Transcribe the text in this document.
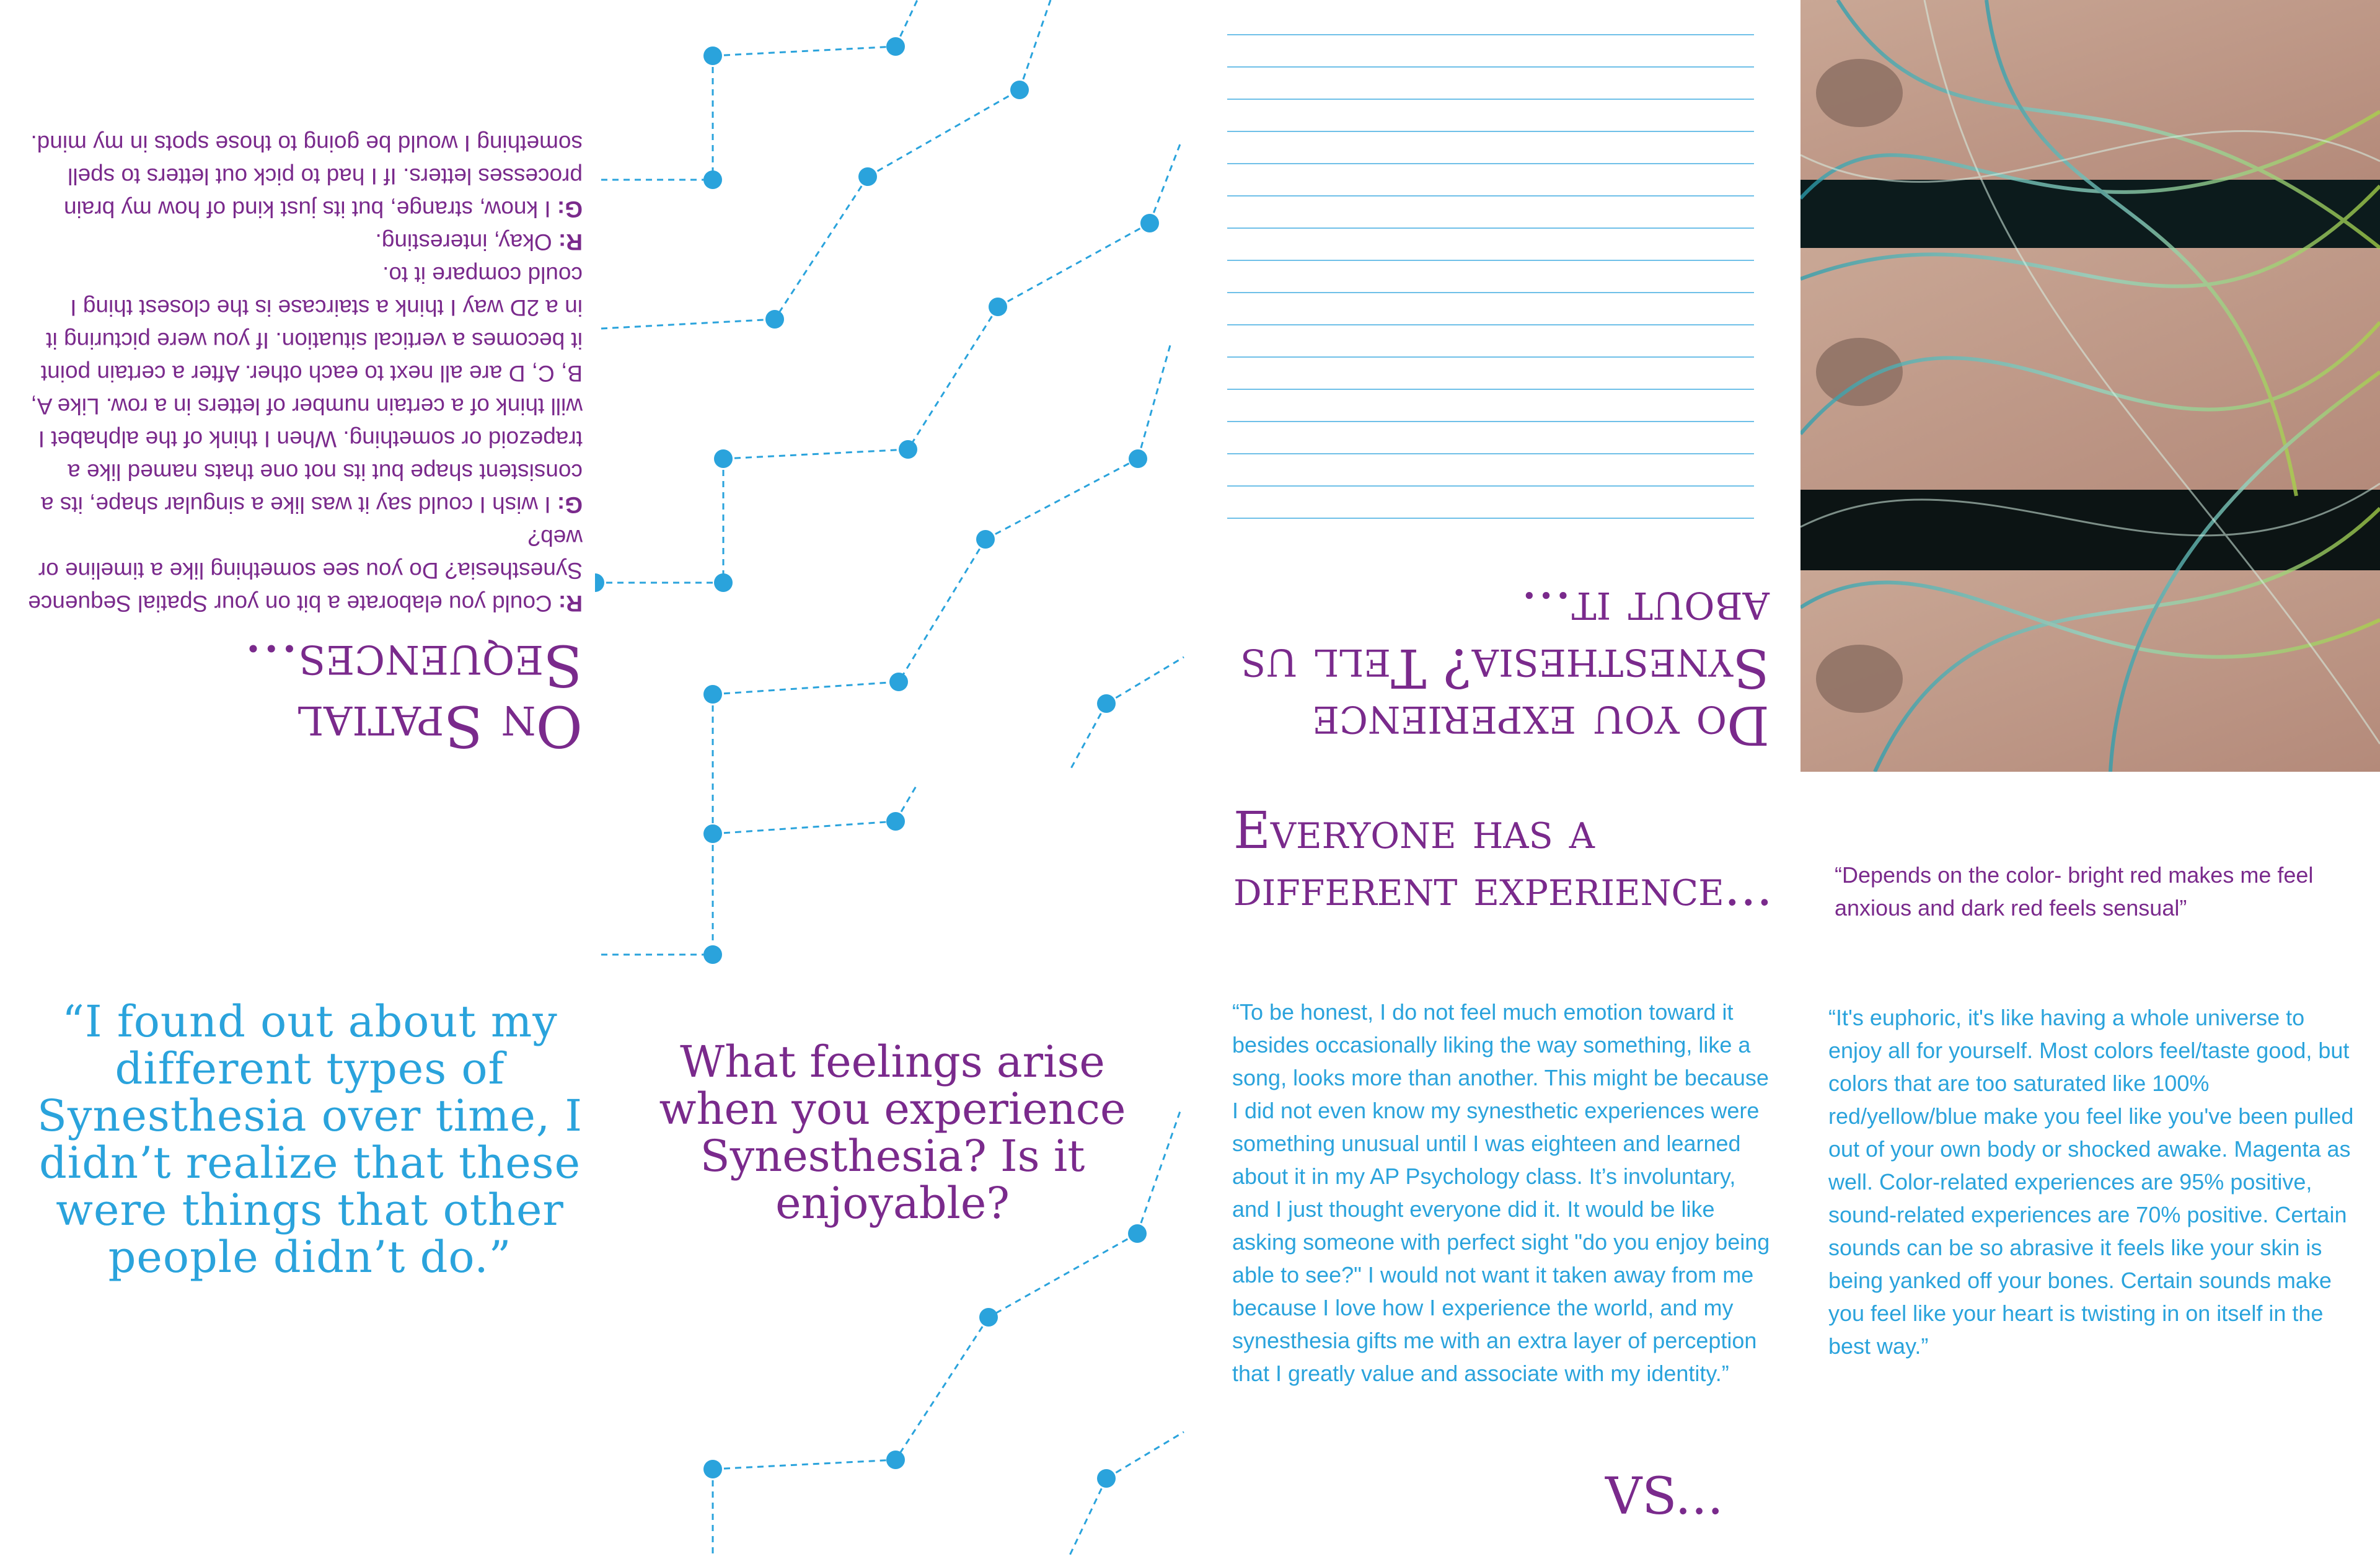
On Spatial Sequences...
R: Could you elaborate a bit on your Spatial Sequence Synesthesia? Do you see something like a timeline or web?
G: I wish I could say it was like a singular shape, its a consistent shape but its not one thats named like a trapezoid or something. When I think of the alphabet I will think of a certain number of letters in a row. Like A, B, C, D are all next to each other. After a certain point it becomes a vertical situation. If you were picturing it in a 2D way I think a staircase is the closest thing I could compare it to.
R: Okay, interesting.
G: I know, strange, but its just kind of how my brain processes letters. If I had to pick out letters to spell something I would be going to those spots in my mind.
Do you experience Synesthesia? Tell us about it...
“I found out about my different types of Synesthesia over time, I didn’t realize that these were things that other people didn’t do.”
What feelings arise when you experience Synesthesia? Is it enjoyable?
Everyone has a different experience...
“To be honest, I do not feel much emotion toward it besides occasionally liking the way something, like a song, looks more than another. This might be because I did not even know my synesthetic experiences were something unusual until I was eighteen and learned about it in my AP Psychology class. It’s involuntary, and I just thought everyone did it. It would be like asking someone with perfect sight "do you enjoy being able to see?" I would not want it taken away from me because I love how I experience the world, and my synesthesia gifts me with an extra layer of perception that I greatly value and associate with my identity.”
VS...
“Depends on the color- bright red makes me feel anxious and dark red feels sensual”
“It's euphoric, it's like having a whole universe to enjoy all for yourself. Most colors feel/taste good, but colors that are too saturated like 100% red/yellow/blue make you feel like you've been pulled out of your own body or shocked awake. Magenta as well. Color-related experiences are 95% positive, sound-related experiences are 70% positive. Certain sounds can be so abrasive it feels like your skin is being yanked off your bones. Certain sounds make you feel like your heart is twisting in on itself in the best way.”
